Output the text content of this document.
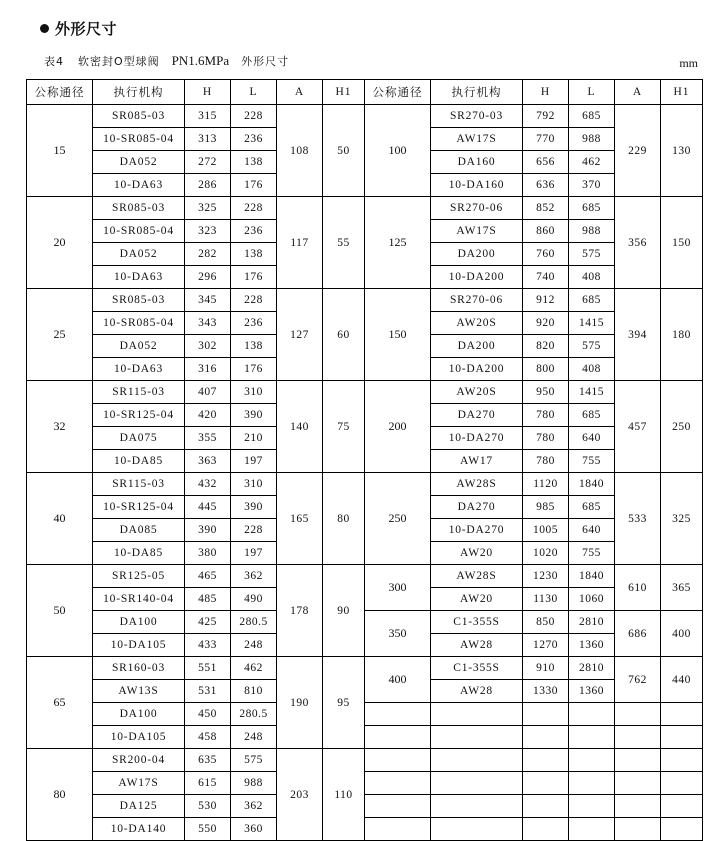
外形尺寸
表4 软密封O型球阀 PN1.6MPa 外形尺寸	mm
公称通径	执行机构	H	L	A	H1	公称通径	执行机构	H	L	A	H1
15	SR085-03	315	228	108	50	100	SR270-03	792	685	229	130
	10-SR085-04	313	236				AW17S	770	988		
	DA052	272	138				DA160	656	462		
	10-DA63	286	176				10-DA160	636	370		
20	SR085-03	325	228	117	55	125	SR270-06	852	685	356	150
	10-SR085-04	323	236				AW17S	860	988		
	DA052	282	138				DA200	760	575		
	10-DA63	296	176				10-DA200	740	408		
25	SR085-03	345	228	127	60	150	SR270-06	912	685	394	180
	10-SR085-04	343	236				AW20S	920	1415		
	DA052	302	138				DA200	820	575		
	10-DA63	316	176				10-DA200	800	408		
32	SR115-03	407	310	140	75	200	AW20S	950	1415	457	250
	10-SR125-04	420	390				DA270	780	685		
	DA075	355	210				10-DA270	780	640		
	10-DA85	363	197				AW17	780	755		
40	SR115-03	432	310	165	80	250	AW28S	1120	1840	533	325
	10-SR125-04	445	390				DA270	985	685		
	DA085	390	228				10-DA270	1005	640		
	10-DA85	380	197				AW20	1020	755		
50	SR125-05	465	362	178	90	300	AW28S	1230	1840	610	365
	10-SR140-04	485	490				AW20	1130	1060		
	DA100	425	280.5			350	C1-355S	850	2810	686	400
	10-DA105	433	248				AW28	1270	1360		
65	SR160-03	551	462	190	95	400	C1-355S	910	2810	762	440
	AW13S	531	810				AW28	1330	1360		
	DA100	450	280.5								
	10-DA105	458	248								
80	SR200-04	635	575	203	110						
	AW17S	615	988								
	DA125	530	362								
	10-DA140	550	360								
